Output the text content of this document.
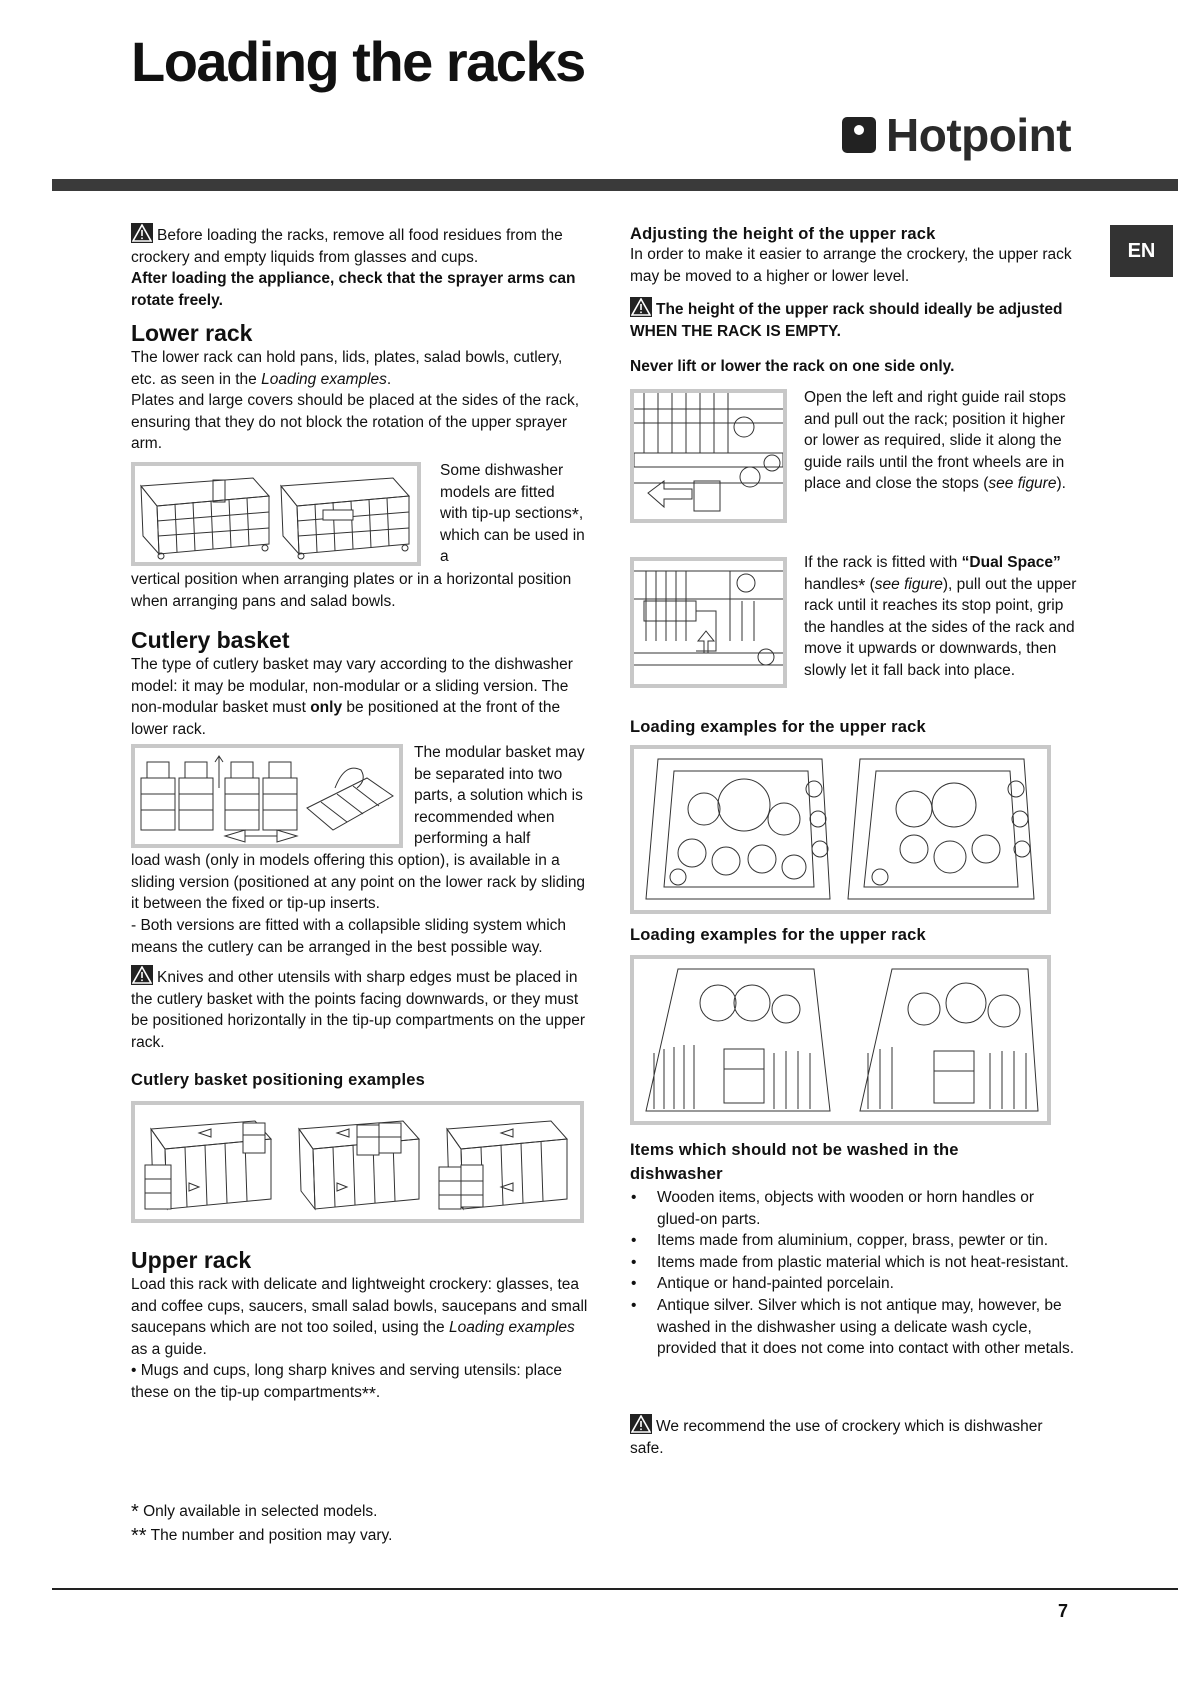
Loading the racks
Hotpoint
EN

Before loading the racks, remove all food residues from the crockery and empty liquids from glasses and cups.

After loading the appliance, check that the sprayer arms can rotate freely.

Lower rack

The lower rack can hold pans, lids, plates, salad bowls, cutlery, etc. as seen in the Loading examples.

Plates and large covers should be placed at the sides of the rack, ensuring that they do not block the rotation of the upper sprayer arm.

Some dishwasher models are fitted with tip-up sections*, which can be used in a

vertical position when arranging plates or in a horizontal position when arranging pans and salad bowls.

Cutlery basket

The type of cutlery basket may vary according to the dishwasher model: it may be modular, non-modular or a sliding version. The non-modular basket must only be positioned at the front of the lower rack.

The modular basket may be separated into two parts, a solution which is recommended when performing a half
load wash (only in models offering this option), is available in a sliding version (positioned at any point on the lower rack by sliding it between the fixed or tip-up inserts.
- Both versions are fitted with a collapsible sliding system which means the cutlery can be arranged in the best possible way.

Knives and other utensils with sharp edges must be placed in the cutlery basket with the points facing downwards, or they must be positioned horizontally in the tip-up compartments on the upper rack.

Cutlery basket positioning examples

Upper rack

Load this rack with delicate and lightweight crockery: glasses, tea and coffee cups, saucers, small salad bowls, saucepans and small saucepans which are not too soiled, using the Loading examples as a guide.

• Mugs and cups, long sharp knives and serving utensils: place these on the tip-up compartments**.

* Only available in selected models.
** The number and position may vary.

Adjusting the height of the upper rack

In order to make it easier to arrange the crockery, the upper rack may be moved to a higher or lower level.

The height of the upper rack should ideally be adjusted WHEN THE RACK IS EMPTY.

Never lift or lower the rack on one side only.

Open the left and right guide rail stops and pull out the rack; position it higher or lower as required, slide it along the guide rails until the front wheels are in place and close the stops (see figure).

If the rack is fitted with “Dual Space” handles* (see figure), pull out the upper rack until it reaches its stop point, grip the handles at the sides of the rack and move it upwards or downwards, then slowly let it fall back into place.

Loading examples for the upper rack

Loading examples for the upper rack

Items which should not be washed in the dishwasher

• Wooden items, objects with wooden or horn handles or glued-on parts.
• Items made from aluminium, copper, brass, pewter or tin.
• Items made from plastic material which is not heat-resistant.
• Antique or hand-painted porcelain.
• Antique silver. Silver which is not antique may, however, be washed in the dishwasher using a delicate wash cycle, provided that it does not come into contact with other metals.

We recommend the use of crockery which is dishwasher safe.

7
